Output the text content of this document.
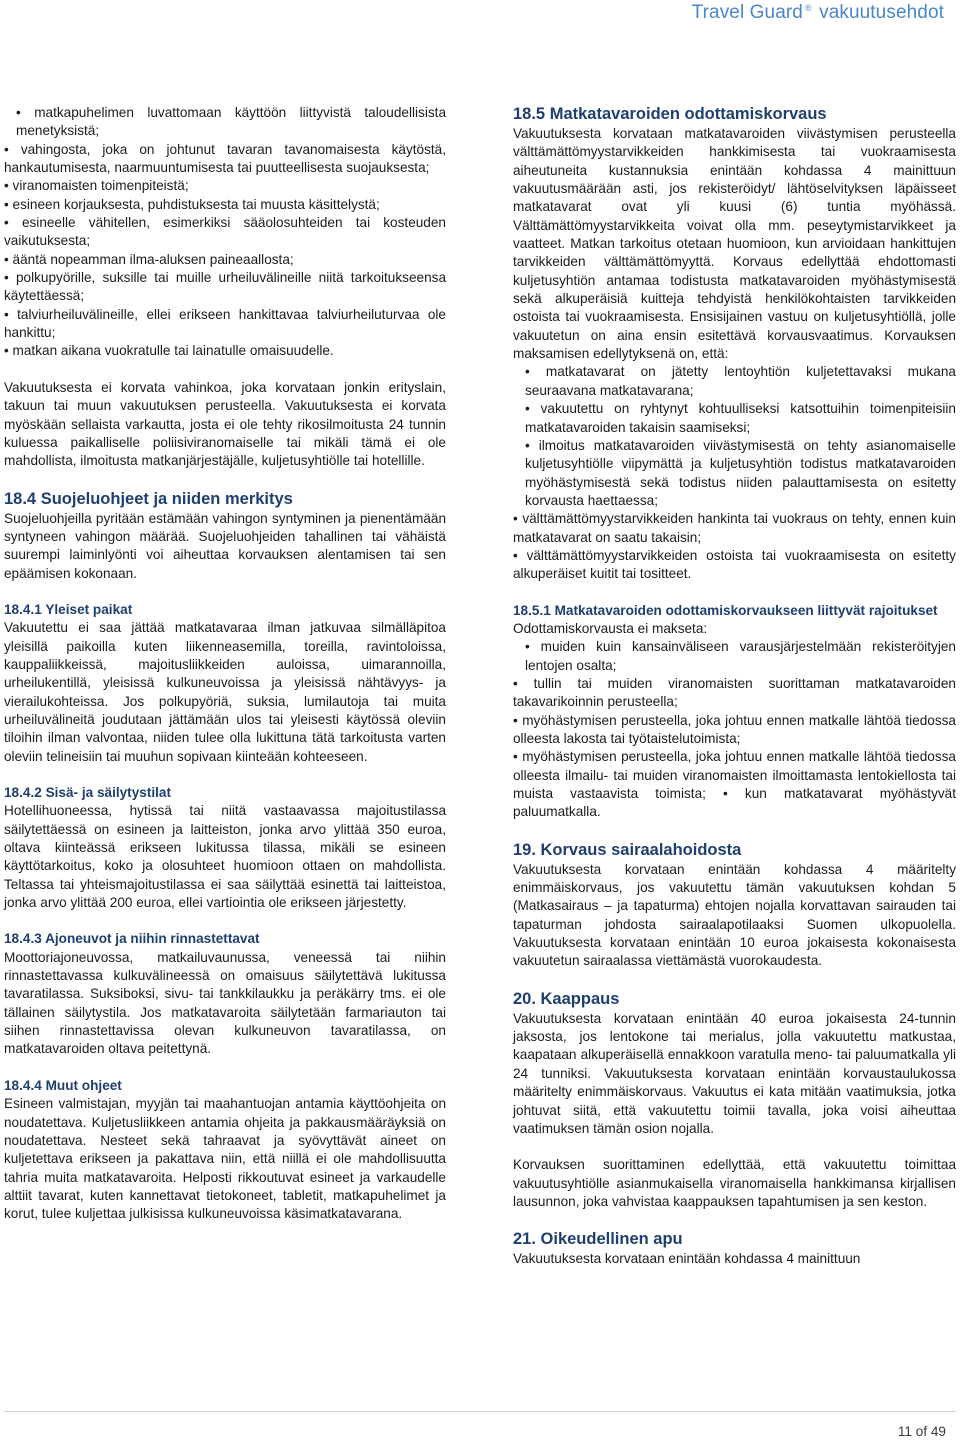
Travel Guard ® vakuutusehdot

• matkapuhelimen luvattomaan käyttöön liittyvistä taloudellisista menetyksistä;

• vahingosta, joka on johtunut tavaran tavanomaisesta käytöstä, hankautumisesta, naarmuuntumisesta tai puutteellisesta suojauksesta;

• viranomaisten toimenpiteistä;

• esineen korjauksesta, puhdistuksesta tai muusta käsittelystä;

• esineelle vähitellen, esimerkiksi sääolosuhteiden tai kosteuden vaikutuksesta;

• ääntä nopeamman ilma-aluksen paineaallosta;

• polkupyörille, suksille tai muille urheiluvälineille niitä tarkoitukseensa käytettäessä;

• talviurheiluvälineille, ellei erikseen hankittavaa talviurheiluturvaa ole hankittu;

• matkan aikana vuokratulle tai lainatulle omaisuudelle.

Vakuutuksesta ei korvata vahinkoa, joka korvataan jonkin erityslain, takuun tai muun vakuutuksen perusteella. Vakuutuksesta ei korvata myöskään sellaista varkautta, josta ei ole tehty rikosilmoitusta 24 tunnin kuluessa paikalliselle poliisiviranomaiselle tai mikäli tämä ei ole mahdollista, ilmoitusta matkanjärjestäjälle, kuljetusyhtiölle tai hotellille.

18.4 Suojeluohjeet ja niiden merkitys

Suojeluohjeilla pyritään estämään vahingon syntyminen ja pienentämään syntyneen vahingon määrää. Suojeluohjeiden tahallinen tai vähäistä suurempi laiminlyönti voi aiheuttaa korvauksen alentamisen tai sen epäämisen kokonaan.

18.4.1 Yleiset paikat

Vakuutettu ei saa jättää matkatavaraa ilman jatkuvaa silmälläpitoa yleisillä paikoilla kuten liikenneasemilla, toreilla, ravintoloissa, kauppaliikkeissä, majoitusliikkeiden auloissa, uimarannoilla, urheilukentillä, yleisissä kulkuneuvoissa ja yleisissä nähtävyys- ja vierailukohteissa. Jos polkupyöriä, suksia, lumilautoja tai muita urheiluvälineitä joudutaan jättämään ulos tai yleisesti käytössä oleviin tiloihin ilman valvontaa, niiden tulee olla lukittuna tätä tarkoitusta varten oleviin telineisiin tai muuhun sopivaan kiinteään kohteeseen.

18.4.2 Sisä- ja säilytystilat

Hotellihuoneessa, hytissä tai niitä vastaavassa majoitustilassa säilytettäessä on esineen ja laitteiston, jonka arvo ylittää 350 euroa, oltava kiinteässä erikseen lukitussa tilassa, mikäli se esineen käyttötarkoitus, koko ja olosuhteet huomioon ottaen on mahdollista. Teltassa tai yhteismajoitustilassa ei saa säilyttää esinettä tai laitteistoa, jonka arvo ylittää 200 euroa, ellei vartiointia ole erikseen järjestetty.

18.4.3 Ajoneuvot ja niihin rinnastettavat

Moottoriajoneuvossa, matkailuvaunussa, veneessä tai niihin rinnastettavassa kulkuvälineessä on omaisuus säilytettävä lukitussa tavaratilassa. Suksiboksi, sivu- tai tankkilaukku ja peräkärry tms. ei ole tällainen säilytystila. Jos matkatavaroita säilytetään farmariauton tai siihen rinnastettavissa olevan kulkuneuvon tavaratilassa, on matkatavaroiden oltava peitettynä.

18.4.4 Muut ohjeet

Esineen valmistajan, myyjän tai maahantuojan antamia käyttöohjeita on noudatettava. Kuljetusliikkeen antamia ohjeita ja pakkausmääräyksiä on noudatettava. Nesteet sekä tahraavat ja syövyttävät aineet on kuljetettava erikseen ja pakattava niin, että niillä ei ole mahdollisuutta tahria muita matkatavaroita. Helposti rikkoutuvat esineet ja varkaudelle alttiit tavarat, kuten kannettavat tietokoneet, tabletit, matkapuhelimet ja korut, tulee kuljettaa julkisissa kulkuneuvoissa käsimatkatavarana.

18.5 Matkatavaroiden odottamiskorvaus

Vakuutuksesta korvataan matkatavaroiden viivästymisen perusteella välttämättömyystarvikkeiden hankkimisesta tai vuokraamisesta aiheutuneita kustannuksia enintään kohdassa 4 mainittuun vakuutusmäärään asti, jos rekisteröidyt/ lähtöselvityksen läpäisseet matkatavarat ovat yli kuusi (6) tuntia myöhässä. Välttämättömyystarvikkeita voivat olla mm. peseytymistarvikkeet ja vaatteet. Matkan tarkoitus otetaan huomioon, kun arvioidaan hankittujen tarvikkeiden välttämättömyyttä. Korvaus edellyttää ehdottomasti kuljetusyhtiön antamaa todistusta matkatavaroiden myöhästymisestä sekä alkuperäisiä kuitteja tehdyistä henkilökohtaisten tarvikkeiden ostoista tai vuokraamisesta. Ensisijainen vastuu on kuljetusyhtiöllä, jolle vakuutetun on aina ensin esitettävä korvausvaatimus. Korvauksen maksamisen edellytyksenä on, että:

• matkatavarat on jätetty lentoyhtiön kuljetettavaksi mukana seuraavana matkatavarana;

• vakuutettu on ryhtynyt kohtuulliseksi katsottuihin toimenpiteisiin matkatavaroiden takaisin saamiseksi;

• ilmoitus matkatavaroiden viivästymisestä on tehty asianomaiselle kuljetusyhtiölle viipymättä ja kuljetusyhtiön todistus matkatavaroiden myöhästymisestä sekä todistus niiden palauttamisesta on esitetty korvausta haettaessa;

• välttämättömyystarvikkeiden hankinta tai vuokraus on tehty, ennen kuin matkatavarat on saatu takaisin;

• välttämättömyystarvikkeiden ostoista tai vuokraamisesta on esitetty alkuperäiset kuitit tai tositteet.

18.5.1 Matkatavaroiden odottamiskorvaukseen liittyvät rajoitukset

Odottamiskorvausta ei makseta:

• muiden kuin kansainväliseen varausjärjestelmään rekisteröityjen lentojen osalta;

• tullin tai muiden viranomaisten suorittaman matkatavaroiden takavarikoinnin perusteella;

• myöhästymisen perusteella, joka johtuu ennen matkalle lähtöä tiedossa olleesta lakosta tai työtaistelutoimista;

• myöhästymisen perusteella, joka johtuu ennen matkalle lähtöä tiedossa olleesta ilmailu- tai muiden viranomaisten ilmoittamasta lentokiellosta tai muista vastaavista toimista; • kun matkatavarat myöhästyvät paluumatkalla.

19. Korvaus sairaalahoidosta

Vakuutuksesta korvataan enintään kohdassa 4 määritelty enimmäiskorvaus, jos vakuutettu tämän vakuutuksen kohdan 5 (Matkasairaus – ja tapaturma) ehtojen nojalla korvattavan sairauden tai tapaturman johdosta sairaalapotilaaksi Suomen ulkopuolella. Vakuutuksesta korvataan enintään 10 euroa jokaisesta kokonaisesta vakuutetun sairaalassa viettämästä vuorokaudesta.

20. Kaappaus

Vakuutuksesta korvataan enintään 40 euroa jokaisesta 24-tunnin jaksosta, jos lentokone tai merialus, jolla vakuutettu matkustaa, kaapataan alkuperäisellä ennakkoon varatulla meno- tai paluumatkalla yli 24 tunniksi. Vakuutuksesta korvataan enintään korvaustaulukossa määritelty enimmäiskorvaus. Vakuutus ei kata mitään vaatimuksia, jotka johtuvat siitä, että vakuutettu toimii tavalla, joka voisi aiheuttaa vaatimuksen tämän osion nojalla.

Korvauksen suorittaminen edellyttää, että vakuutettu toimittaa vakuutusyhtiölle asianmukaisella viranomaisella hankkimansa kirjallisen lausunnon, joka vahvistaa kaappauksen tapahtumisen ja sen keston.

21. Oikeudellinen apu

Vakuutuksesta korvataan enintään kohdassa 4 mainittuun

11 of 49
